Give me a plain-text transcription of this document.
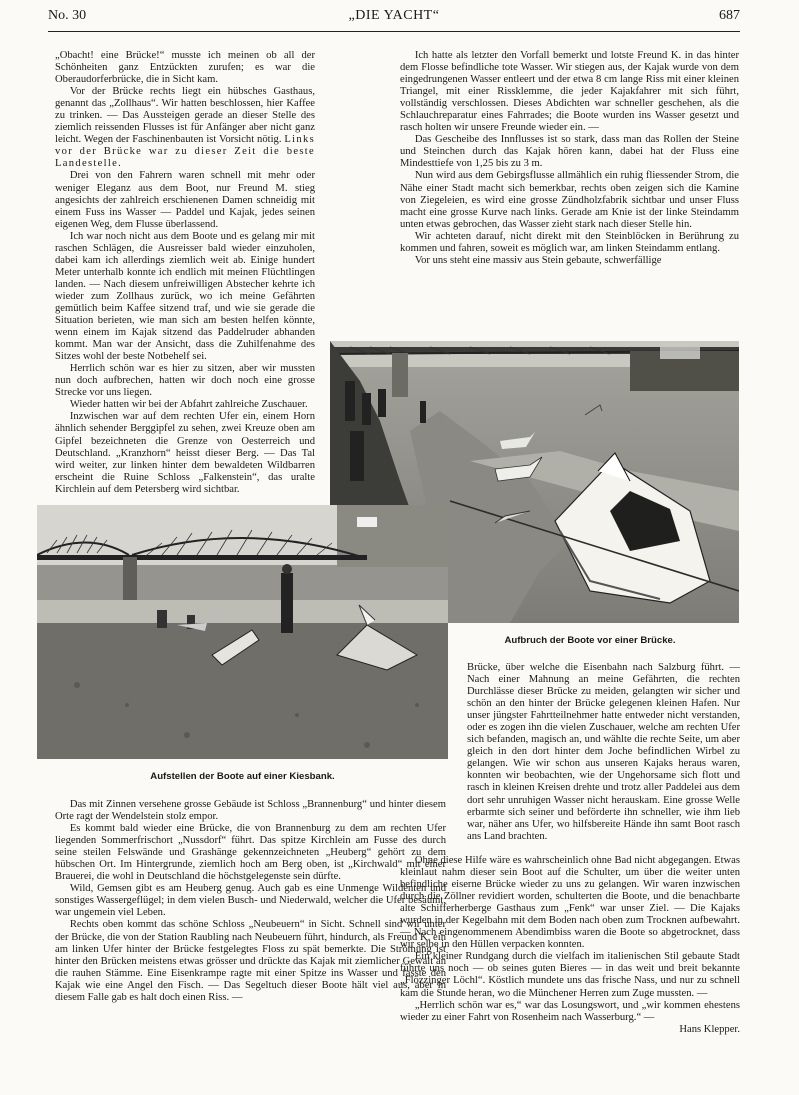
No. 30	„DIE YACHT“	687

„Obacht! eine Brücke!“ musste ich meinen ob all der Schönheiten ganz Entzückten zurufen; es war die Oberaudorferbrücke, die in Sicht kam.

Vor der Brücke rechts liegt ein hübsches Gasthaus, genannt das „Zollhaus“. Wir hatten beschlossen, hier Kaffee zu trinken. — Das Aussteigen gerade an dieser Stelle des ziemlich reissenden Flusses ist für Anfänger aber nicht ganz leicht. Wegen der Faschinenbauten ist Vorsicht nötig. Links vor der Brücke war zu dieser Zeit die beste Landestelle.

Drei von den Fahrern waren schnell mit mehr oder weniger Eleganz aus dem Boot, nur Freund M. stieg angesichts der zahlreich erschienenen Damen schneidig mit einem Fuss ins Wasser — Paddel und Kajak, jedes seinen eigenen Weg, dem Flusse überlassend.

Ich war noch nicht aus dem Boote und es gelang mir mit raschen Schlägen, die Ausreisser bald wieder einzuholen, dabei kam ich allerdings ziemlich weit ab. Einige hundert Meter unterhalb konnte ich endlich mit meinen Flüchtlingen landen. — Nach diesem unfreiwilligen Abstecher kehrte ich wieder zum Zollhaus zurück, wo ich meine Gefährten gemütlich beim Kaffee sitzend traf, und wie sie gerade die Situation berieten, wie man sich am besten helfen könnte, wenn einem im Kajak sitzend das Paddelruder abhanden kommt. Man war der Ansicht, dass die Zuhilfenahme des Sitzes wohl der beste Notbehelf sei.

Herrlich schön war es hier zu sitzen, aber wir mussten nun doch aufbrechen, hatten wir doch noch eine grosse Strecke vor uns liegen.

Wieder hatten wir bei der Abfahrt zahlreiche Zuschauer.

Inzwischen war auf dem rechten Ufer ein, einem Horn ähnlich sehender Berggipfel zu sehen, zwei Kreuze oben am Gipfel bezeichneten die Grenze von Oesterreich und Deutschland. „Kranzhorn“ heisst dieser Berg. — Das Tal wird weiter, zur linken hinter dem bewaldeten Wildbarren erscheint die Ruine Schloss „Falkenstein“, das uralte Kirchlein auf dem Petersberg wird sichtbar.

Ich hatte als letzter den Vorfall bemerkt und lotste Freund K. in das hinter dem Flosse befindliche tote Wasser. Wir stiegen aus, der Kajak wurde von dem eingedrungenen Wasser entleert und der etwa 8 cm lange Riss mit einer kleinen Triangel, mit einer Rissklemme, die jeder Kajakfahrer mit sich führt, vollständig verschlossen. Dieses Abdichten war schneller geschehen, als die Schlauchreparatur eines Fahrrades; die Boote wurden ins Wasser gesetzt und rasch holten wir unsere Freunde wieder ein. —

Das Gescheibe des Innflusses ist so stark, dass man das Rollen der Steine und Steinchen durch das Kajak hören kann, dabei hat der Fluss eine Mindesttiefe von 1,25 bis zu 3 m.

Nun wird aus dem Gebirgsflusse allmählich ein ruhig fliessender Strom, die Nähe einer Stadt macht sich bemerkbar, rechts oben zeigen sich die Kamine von Ziegeleien, es wird eine grosse Zündholzfabrik sichtbar und unser Fluss macht eine grosse Kurve nach links. Gerade am Knie ist der linke Steindamm unten etwas gebrochen, das Wasser zieht stark nach dieser Stelle hin.

Wir achteten darauf, nicht direkt mit den Steinblöcken in Berührung zu kommen und fahren, soweit es möglich war, am linken Steindamm entlang.

Vor uns steht eine massiv aus Stein gebaute, schwerfällige

Aufbruch der Boote vor einer Brücke.
Aufstellen der Boote auf einer Kiesbank.

Das mit Zinnen versehene grosse Gebäude ist Schloss „Brannenburg“ und hinter diesem Orte ragt der Wendelstein stolz empor.

Es kommt bald wieder eine Brücke, die von Brannenburg zu dem am rechten Ufer liegenden Sommerfrischort „Nussdorf“ führt. Das spitze Kirchlein am Fusse des durch seine steilen Felswände und Grashänge gekennzeichneten „Heuberg“ gehört zu dem hübschen Ort. Im Hintergrunde, ziemlich hoch am Berg oben, ist „Kirchwald“ mit einer Brauerei, die wohl in Deutschland die höchstgelegenste sein dürfte.

Wild, Gemsen gibt es am Heuberg genug. Auch gab es eine Unmenge Wildenten und sonstiges Wassergeflügel; in dem vielen Busch- und Niederwald, welcher die Ufer besäumt, war ungemein viel Leben.

Rechts oben kommt das schöne Schloss „Neubeuern“ in Sicht. Schnell sind wir unter der Brücke, die von der Station Raubling nach Neubeuern führt, hindurch, als Freund K. ein am linken Ufer hinter der Brücke festgelegtes Floss zu spät bemerkte. Die Strömung ist hinter den Brücken meistens etwas grösser und drückte das Kajak mit ziemlicher Gewalt an die rauhen Stämme. Eine Eisenkrampe ragte mit einer Spitze ins Wasser und fasste den Kajak wie eine Angel den Fisch. — Das Segeltuch dieser Boote hält viel aus, aber in diesem Falle gab es halt doch einen Riss. —

Brücke, über welche die Eisenbahn nach Salzburg führt. — Nach einer Mahnung an meine Gefährten, die rechten Durchlässe dieser Brücke zu meiden, gelangten wir sicher und schön an den hinter der Brücke gelegenen kleinen Hafen. Nur unser jüngster Fahrtteilnehmer hatte entweder nicht verstanden, oder es zogen ihn die vielen Zuschauer, welche am rechten Ufer sich befanden, magisch an, und wählte die rechte Seite, um aber gleich in den dort hinter dem Joche befindlichen Wirbel zu gelangen. Wie wir schon aus unseren Kajaks heraus waren, konnten wir beobachten, wie der Ungehorsame sich flott und rasch in kleinen Kreisen drehte und trotz aller Paddelei aus dem dort sehr unruhigen Wasser nicht herauskam. Eine grosse Welle erbarmte sich seiner und beförderte ihn schneller, wie ihm lieb war, näher ans Ufer, wo hilfsbereite Hände ihn samt Boot rasch ans Land brachten.

Ohne diese Hilfe wäre es wahrscheinlich ohne Bad nicht abgegangen. Etwas kleinlaut nahm dieser sein Boot auf die Schulter, um über die weiter unten befindliche eiserne Brücke wieder zu uns zu gelangen. Wir waren inzwischen durch die Zöllner revidiert worden, schulterten die Boote, und die benachbarte alte Schifferherberge Gasthaus zum „Fenk“ war unser Ziel. — Die Kajaks wurden in der Kegelbahn mit dem Boden nach oben zum Trocknen aufbewahrt. — Nach eingenommenem Abendimbiss waren die Boote so abgetrocknet, dass wir selbe in den Hüllen verpacken konnten.

Ein kleiner Rundgang durch die vielfach im italienischen Stil gebaute Stadt führte uns noch — ob seines guten Bieres — in das weit und breit bekannte „Flözzinger Löchl“. Köstlich mundete uns das frische Nass, und nur zu schnell kam die Stunde heran, wo die Münchener Herren zum Zuge mussten. —

„Herrlich schön war es,“ war das Losungswort, und „wir kommen ehestens wieder zu einer Fahrt von Rosenheim nach Wasserburg.“ —

Hans Klepper.
